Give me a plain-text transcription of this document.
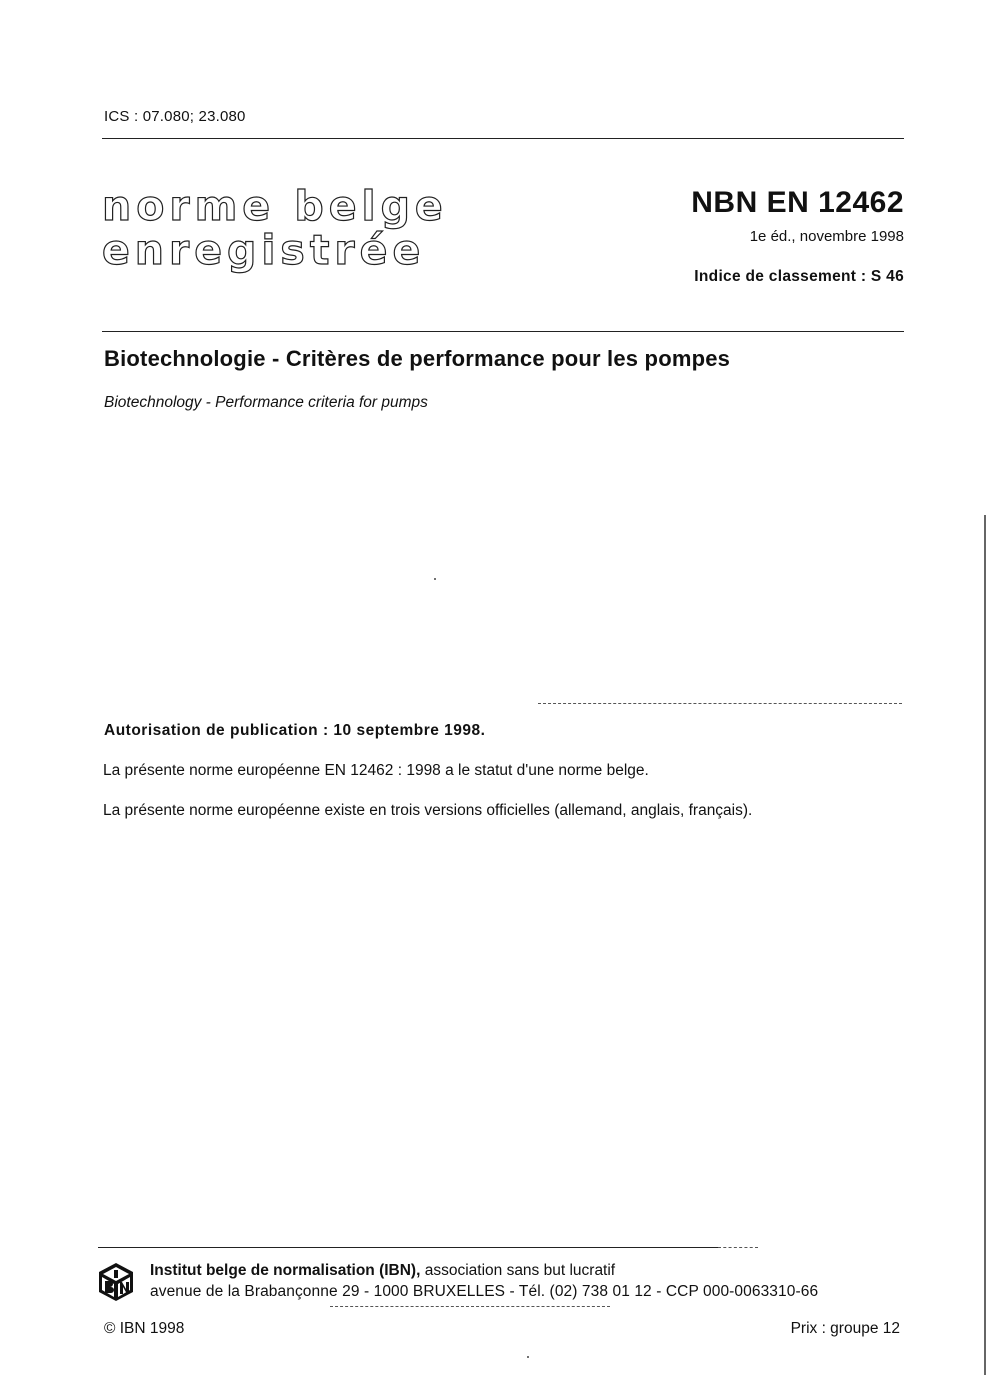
ICS : 07.080; 23.080
norme belge
enregistrée
NBN EN 12462
1e éd., novembre 1998
Indice de classement : S 46
Biotechnologie - Critères de performance pour les pompes
Biotechnology - Performance criteria for pumps
Autorisation de publication : 10 septembre 1998.
La présente norme européenne EN 12462 : 1998 a le statut d'une norme belge.
La présente norme européenne existe en trois versions officielles (allemand, anglais, français).
Institut belge de normalisation (IBN), association sans but lucratif
avenue de la Brabançonne 29 - 1000 BRUXELLES - Tél. (02) 738 01 12 - CCP 000-0063310-66
© IBN 1998	Prix : groupe 12
